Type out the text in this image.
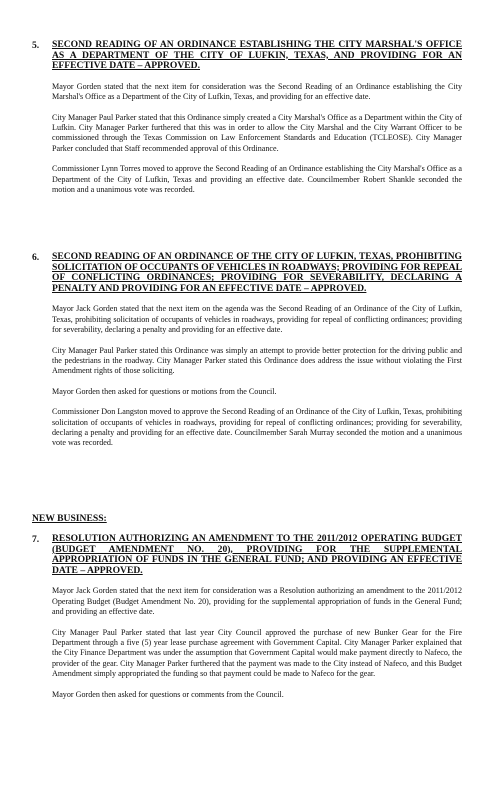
5. SECOND READING OF AN ORDINANCE ESTABLISHING THE CITY MARSHAL'S OFFICE AS A DEPARTMENT OF THE CITY OF LUFKIN, TEXAS, AND PROVIDING FOR AN EFFECTIVE DATE – APPROVED.

Mayor Gorden stated that the next item for consideration was the Second Reading of an Ordinance establishing the City Marshal's Office as a Department of the City of Lufkin, Texas, and providing for an effective date.

City Manager Paul Parker stated that this Ordinance simply created a City Marshal's Office as a Department within the City of Lufkin. City Manager Parker furthered that this was in order to allow the City Marshal and the City Warrant Officer to be commissioned through the Texas Commission on Law Enforcement Standards and Education (TCLEOSE). City Manager Parker concluded that Staff recommended approval of this Ordinance.

Commissioner Lynn Torres moved to approve the Second Reading of an Ordinance establishing the City Marshal's Office as a Department of the City of Lufkin, Texas and providing an effective date. Councilmember Robert Shankle seconded the motion and a unanimous vote was recorded.

6. SECOND READING OF AN ORDINANCE OF THE CITY OF LUFKIN, TEXAS, PROHIBITING SOLICITATION OF OCCUPANTS OF VEHICLES IN ROADWAYS; PROVIDING FOR REPEAL OF CONFLICTING ORDINANCES; PROVIDING FOR SEVERABILITY, DECLARING A PENALTY AND PROVIDING FOR AN EFFECTIVE DATE – APPROVED.

Mayor Jack Gorden stated that the next item on the agenda was the Second Reading of an Ordinance of the City of Lufkin, Texas, prohibiting solicitation of occupants of vehicles in roadways, providing for repeal of conflicting ordinances; providing for severability, declaring a penalty and providing for an effective date.

City Manager Paul Parker stated this Ordinance was simply an attempt to provide better protection for the driving public and the pedestrians in the roadway. City Manager Parker stated this Ordinance does address the issue without violating the First Amendment rights of those soliciting.

Mayor Gorden then asked for questions or motions from the Council.

Commissioner Don Langston moved to approve the Second Reading of an Ordinance of the City of Lufkin, Texas, prohibiting solicitation of occupants of vehicles in roadways, providing for repeal of conflicting ordinances; providing for severability, declaring a penalty and providing for an effective date. Councilmember Sarah Murray seconded the motion and a unanimous vote was recorded.

NEW BUSINESS:
7. RESOLUTION AUTHORIZING AN AMENDMENT TO THE 2011/2012 OPERATING BUDGET (BUDGET AMENDMENT NO. 20), PROVIDING FOR THE SUPPLEMENTAL APPROPRIATION OF FUNDS IN THE GENERAL FUND; AND PROVIDING AN EFFECTIVE DATE – APPROVED.

Mayor Jack Gorden stated that the next item for consideration was a Resolution authorizing an amendment to the 2011/2012 Operating Budget (Budget Amendment No. 20), providing for the supplemental appropriation of funds in the General Fund; and providing an effective date.

City Manager Paul Parker stated that last year City Council approved the purchase of new Bunker Gear for the Fire Department through a five (5) year lease purchase agreement with Government Capital. City Manager Parker explained that the City Finance Department was under the assumption that Government Capital would make payment directly to Nafeco, the provider of the gear. City Manager Parker furthered that the payment was made to the City instead of Nafeco, and this Budget Amendment simply appropriated the funding so that payment could be made to Nafeco for the gear.

Mayor Gorden then asked for questions or comments from the Council.
